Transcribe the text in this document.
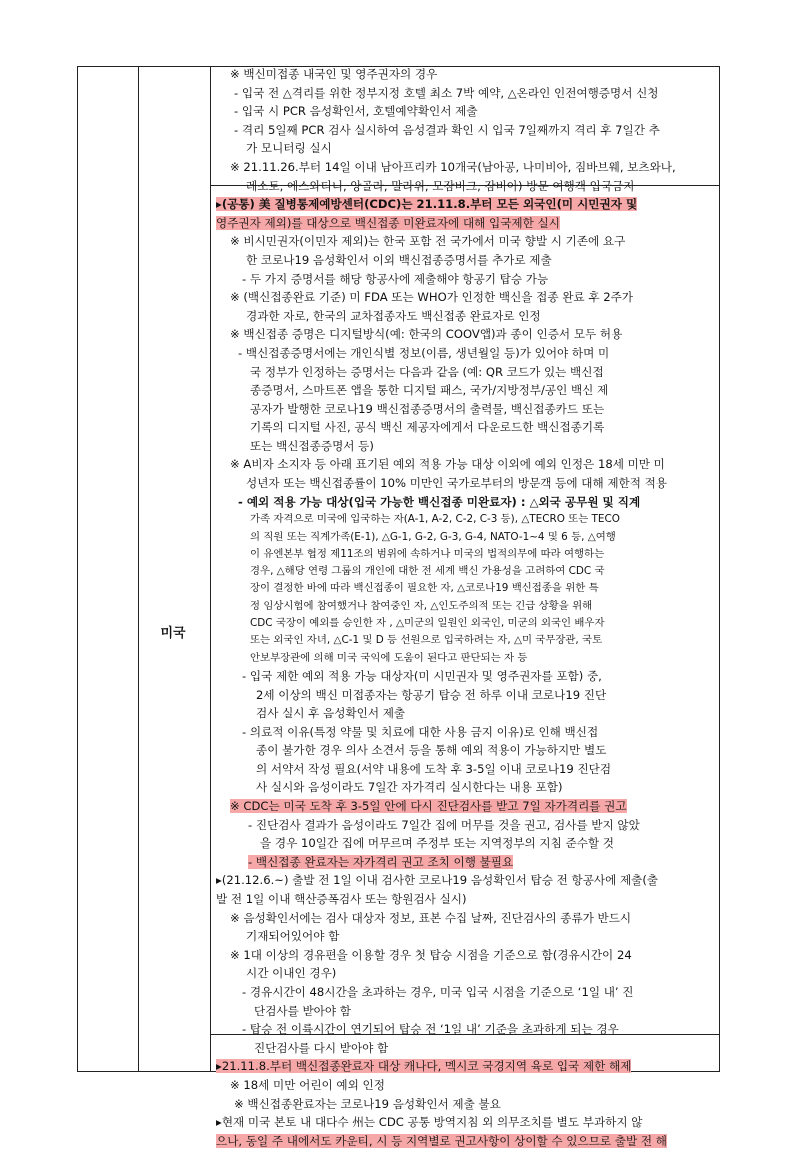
미국
※ 백신미접종 내국인 및 영주권자의 경우
- 입국 전 △격리를 위한 정부지정 호텔 최소 7박 예약, △온라인 인전여행증명서 신청
- 입국 시 PCR 음성확인서, 호텔예약확인서 제출
- 격리 5일째 PCR 검사 실시하여 음성결과 확인 시 입국 7일째까지 격리 후 7일간 추
가 모니터링 실시
※ 21.11.26.부터 14일 이내 남아프리카 10개국(남아공, 나미비아, 짐바브웨, 보츠와나,
레소토, 에스와티니, 앙골라, 말라위, 모잠비크, 잠비아) 방문 여행객 입국금지
▸(공통) 美 질병통제예방센터(CDC)는 21.11.8.부터 모든 외국인(미 시민권자 및
영주권자 제외)를 대상으로 백신접종 미완료자에 대해 입국제한 실시
※ 비시민권자(이민자 제외)는 한국 포함 전 국가에서 미국 향발 시 기존에 요구
한 코로나19 음성확인서 이외 백신접종증명서를 추가로 제출
- 두 가지 증명서를 해당 항공사에 제출해야 항공기 탑승 가능
※ (백신접종완료 기준) 미 FDA 또는 WHO가 인정한 백신을 접종 완료 후 2주가
경과한 자로, 한국의 교차접종자도 백신접종 완료자로 인정
※ 백신접종 증명은 디지털방식(예: 한국의 COOV앱)과 종이 인증서 모두 허용
- 백신접종증명서에는 개인식별 정보(이름, 생년월일 등)가 있어야 하며 미
국 정부가 인정하는 증명서는 다음과 같음 (예: QR 코드가 있는 백신접
종증명서, 스마트폰 앱을 통한 디지털 패스, 국가/지방정부/공인 백신 제
공자가 발행한 코로나19 백신접종증명서의 출력물, 백신접종카드 또는
기록의 디지털 사진, 공식 백신 제공자에게서 다운로드한 백신접종기록
또는 백신접종증명서 등)
※ A비자 소지자 등 아래 표기된 예외 적용 가능 대상 이외에 예외 인정은 18세 미만 미
성년자 또는 백신접종률이 10% 미만인 국가로부터의 방문객 등에 대해 제한적 적용
- 예외 적용 가능 대상(입국 가능한 백신접종 미완료자) : △외국 공무원 및 직계
가족 자격으로 미국에 입국하는 자(A-1, A-2, C-2, C-3 등), △TECRO 또는 TECO
의 직원 또는 직계가족(E-1), △G-1, G-2, G-3, G-4, NATO-1~4 및 6 등, △여행
이 유엔본부 협정 제11조의 범위에 속하거나 미국의 법적의무에 따라 여행하는
경우, △해당 연령 그룹의 개인에 대한 전 세계 백신 가용성을 고려하여 CDC 국
장이 결정한 바에 따라 백신접종이 필요한 자, △코로나19 백신접종을 위한 특
정 임상시험에 참여했거나 참여중인 자, △인도주의적 또는 긴급 상황을 위해
CDC 국장이 예외를 승인한 자 , △미군의 일원인 외국인, 미군의 외국인 배우자
또는 외국인 자녀, △C-1 및 D 등 선원으로 입국하려는 자, △미 국무장관, 국토
안보부장관에 의해 미국 국익에 도움이 된다고 판단되는 자 등
- 입국 제한 예외 적용 가능 대상자(미 시민권자 및 영주권자를 포함) 중,
2세 이상의 백신 미접종자는 항공기 탑승 전 하루 이내 코로나19 진단
검사 실시 후 음성확인서 제출
- 의료적 이유(특정 약물 및 치료에 대한 사용 금지 이유)로 인해 백신접
종이 불가한 경우 의사 소견서 등을 통해 예외 적용이 가능하지만 별도
의 서약서 작성 필요(서약 내용에 도착 후 3-5일 이내 코로나19 진단검
사 실시와 음성이라도 7일간 자가격리 실시한다는 내용 포함)
※ CDC는 미국 도착 후 3-5일 안에 다시 진단검사를 받고 7일 자가격리를 권고
- 진단검사 결과가 음성이라도 7일간 집에 머무를 것을 권고, 검사를 받지 않았
을 경우 10일간 집에 머무르며 주정부 또는 지역정부의 지침 준수할 것
- 백신접종 완료자는 자가격리 권고 조치 이행 불필요
▸(21.12.6.~) 출발 전 1일 이내 검사한 코로나19 음성확인서 탑승 전 항공사에 제출(출
발 전 1일 이내 핵산증폭검사 또는 항원검사 실시)
※ 음성확인서에는 검사 대상자 정보, 표본 수집 날짜, 진단검사의 종류가 반드시
기재되어있어야 함
※ 1대 이상의 경유편을 이용할 경우 첫 탑승 시점을 기준으로 함(경유시간이 24
시간 이내인 경우)
- 경유시간이 48시간을 초과하는 경우, 미국 입국 시점을 기준으로 ‘1일 내’ 진
단검사를 받아야 함
- 탑승 전 이륙시간이 연기되어 탑승 전 ‘1일 내’ 기준을 초과하게 되는 경우
진단검사를 다시 받아야 함
▸21.11.8.부터 백신접종완료자 대상 캐나다, 멕시코 국경지역 육로 입국 제한 해제
※ 18세 미만 어린이 예외 인정
※ 백신접종완료자는 코로나19 음성확인서 제출 불요
▸현재 미국 본토 내 대다수 州는 CDC 공통 방역지침 외 의무조치를 별도 부과하지 않
으나, 동일 주 내에서도 카운티, 시 등 지역별로 권고사항이 상이할 수 있으므로 출발 전 해
